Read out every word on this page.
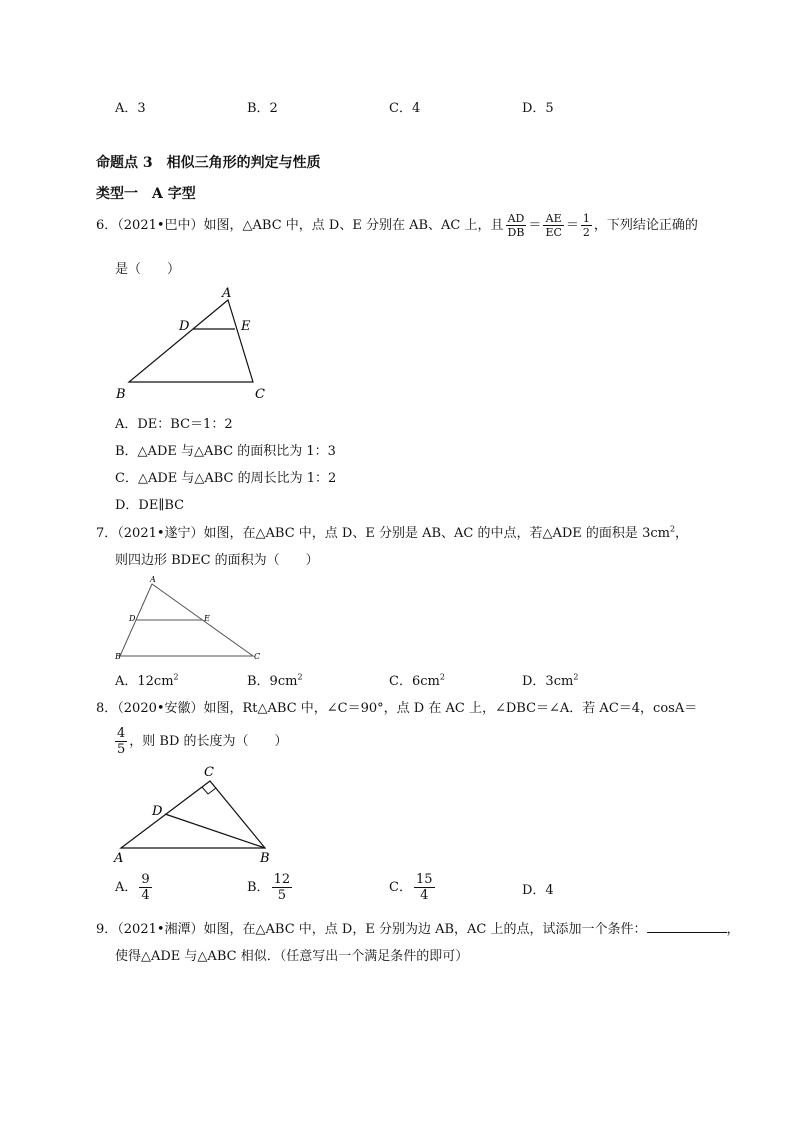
A．3	B．2	C．4	D．5
命题点 3　相似三角形的判定与性质
类型一　A 字型
6．（2021•巴中）如图，△ABC 中，点 D、E 分别在 AB、AC 上，且 $\frac{AD}{DB} = \frac{AE}{EC} = \frac{1}{2}$ ，下列结论正确的
是（　　）
A
D	E
B	C
A．DE：BC＝1：2
B．△ADE 与△ABC 的面积比为 1：3
C．△ADE 与△ABC 的周长比为 1：2
D．DE∥BC
7．（2021•遂宁）如图，在△ABC 中，点 D、E 分别是 AB、AC 的中点，若△ADE 的面积是 $3cm^2$，
则四边形 BDEC 的面积为（　　）
A
D	E
B	C
A．$12cm^2$	B．$9cm^2$	C．$6cm^2$	D．$3cm^2$
8．（2020•安徽）如图，Rt△ABC 中，∠C＝90°，点 D 在 AC 上，∠DBC＝∠A．若 AC＝4，cosA＝
$\frac{4}{5}$ ，则 BD 的长度为（　　）
C
D
A	B
A． $\frac{9}{4}$	B． $\frac{12}{5}$	C． $\frac{15}{4}$	D．4
9．（2021•湘潭）如图，在△ABC 中，点 D，E 分别为边 AB，AC 上的点，试添加一个条件：	，
使得△ADE 与△ABC 相似．（任意写出一个满足条件的即可）
